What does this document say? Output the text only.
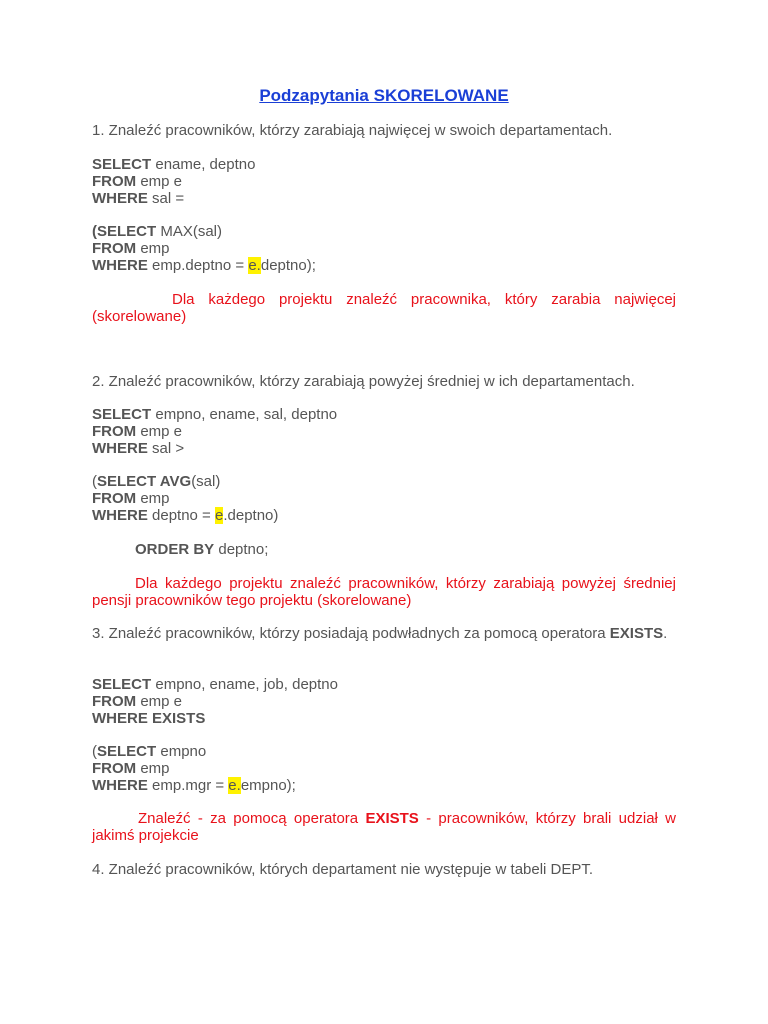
Podzapytania SKORELOWANE
1. Znaleźć pracowników, którzy zarabiają najwięcej w swoich departamentach.
SELECT ename, deptno
FROM emp e
WHERE sal =
(SELECT MAX(sal)
FROM emp
WHERE emp.deptno = e.deptno);
Dla każdego projektu znaleźć pracownika, który zarabia najwięcej (skorelowane)
2. Znaleźć pracowników, którzy zarabiają powyżej średniej w ich departamentach.
SELECT empno, ename, sal, deptno
FROM emp e
WHERE sal >
(SELECT AVG(sal)
FROM emp
WHERE deptno = e.deptno)
ORDER BY deptno;
Dla każdego projektu znaleźć pracowników, którzy zarabiają powyżej średniej pensji pracowników tego projektu (skorelowane)
3. Znaleźć pracowników, którzy posiadają podwładnych za pomocą operatora EXISTS.
SELECT empno, ename, job, deptno
FROM emp e
WHERE EXISTS
(SELECT empno
FROM emp
WHERE emp.mgr = e.empno);
Znaleźć - za pomocą operatora EXISTS - pracowników, którzy brali udział w jakimś projekcie
4. Znaleźć pracowników, których departament nie występuje w tabeli DEPT.
